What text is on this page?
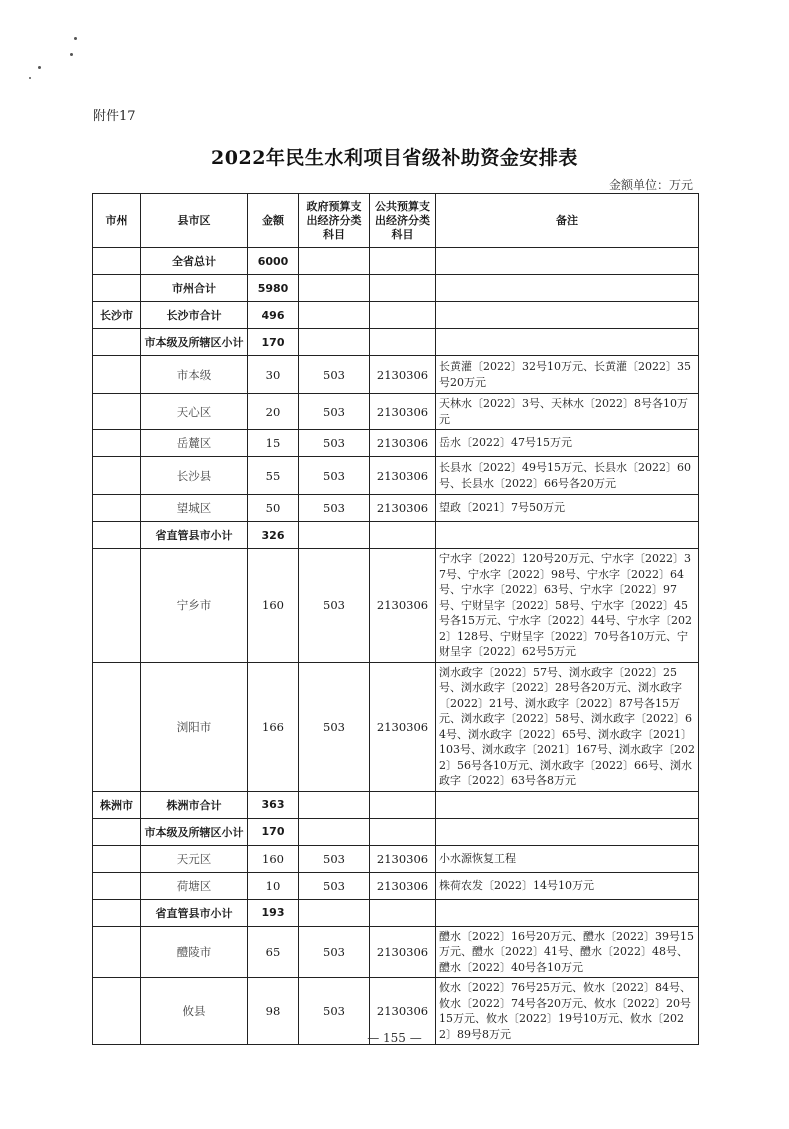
附件17
2022年民生水利项目省级补助资金安排表
金额单位：万元
市州	县市区	金额	政府预算支出经济分类科目	公共预算支出经济分类科目	备注
	全省总计	6000			
	市州合计	5980			
长沙市	长沙市合计	496			
	市本级及所辖区小计	170			
	市本级	30	503	2130306	长黄灌〔2022〕32号10万元、长黄灌〔2022〕35号20万元
	天心区	20	503	2130306	天林水〔2022〕3号、天林水〔2022〕8号各10万元
	岳麓区	15	503	2130306	岳水〔2022〕47号15万元
	长沙县	55	503	2130306	长县水〔2022〕49号15万元、长县水〔2022〕60号、长县水〔2022〕66号各20万元
	望城区	50	503	2130306	望政〔2021〕7号50万元
	省直管县市小计	326			
	宁乡市	160	503	2130306	宁水字〔2022〕120号20万元、宁水字〔2022〕37号、宁水字〔2022〕98号、宁水字〔2022〕64号、宁水字〔2022〕63号、宁水字〔2022〕97号、宁财呈字〔2022〕58号、宁水字〔2022〕45号各15万元、宁水字〔2022〕44号、宁水字〔2022〕128号、宁财呈字〔2022〕70号各10万元、宁财呈字〔2022〕62号5万元
	浏阳市	166	503	2130306	浏水政字〔2022〕57号、浏水政字〔2022〕25号、浏水政字〔2022〕28号各20万元、浏水政字〔2022〕21号、浏水政字〔2022〕87号各15万元、浏水政字〔2022〕58号、浏水政字〔2022〕64号、浏水政字〔2022〕65号、浏水政字〔2021〕103号、浏水政字〔2021〕167号、浏水政字〔2022〕56号各10万元、浏水政字〔2022〕66号、浏水政字〔2022〕63号各8万元
株洲市	株洲市合计	363			
	市本级及所辖区小计	170			
	天元区	160	503	2130306	小水源恢复工程
	荷塘区	10	503	2130306	株荷农发〔2022〕14号10万元
	省直管县市小计	193			
	醴陵市	65	503	2130306	醴水〔2022〕16号20万元、醴水〔2022〕39号15万元、醴水〔2022〕41号、醴水〔2022〕48号、醴水〔2022〕40号各10万元
	攸县	98	503	2130306	攸水〔2022〕76号25万元、攸水〔2022〕84号、攸水〔2022〕74号各20万元、攸水〔2022〕20号15万元、攸水〔2022〕19号10万元、攸水〔2022〕89号8万元
— 155 —
